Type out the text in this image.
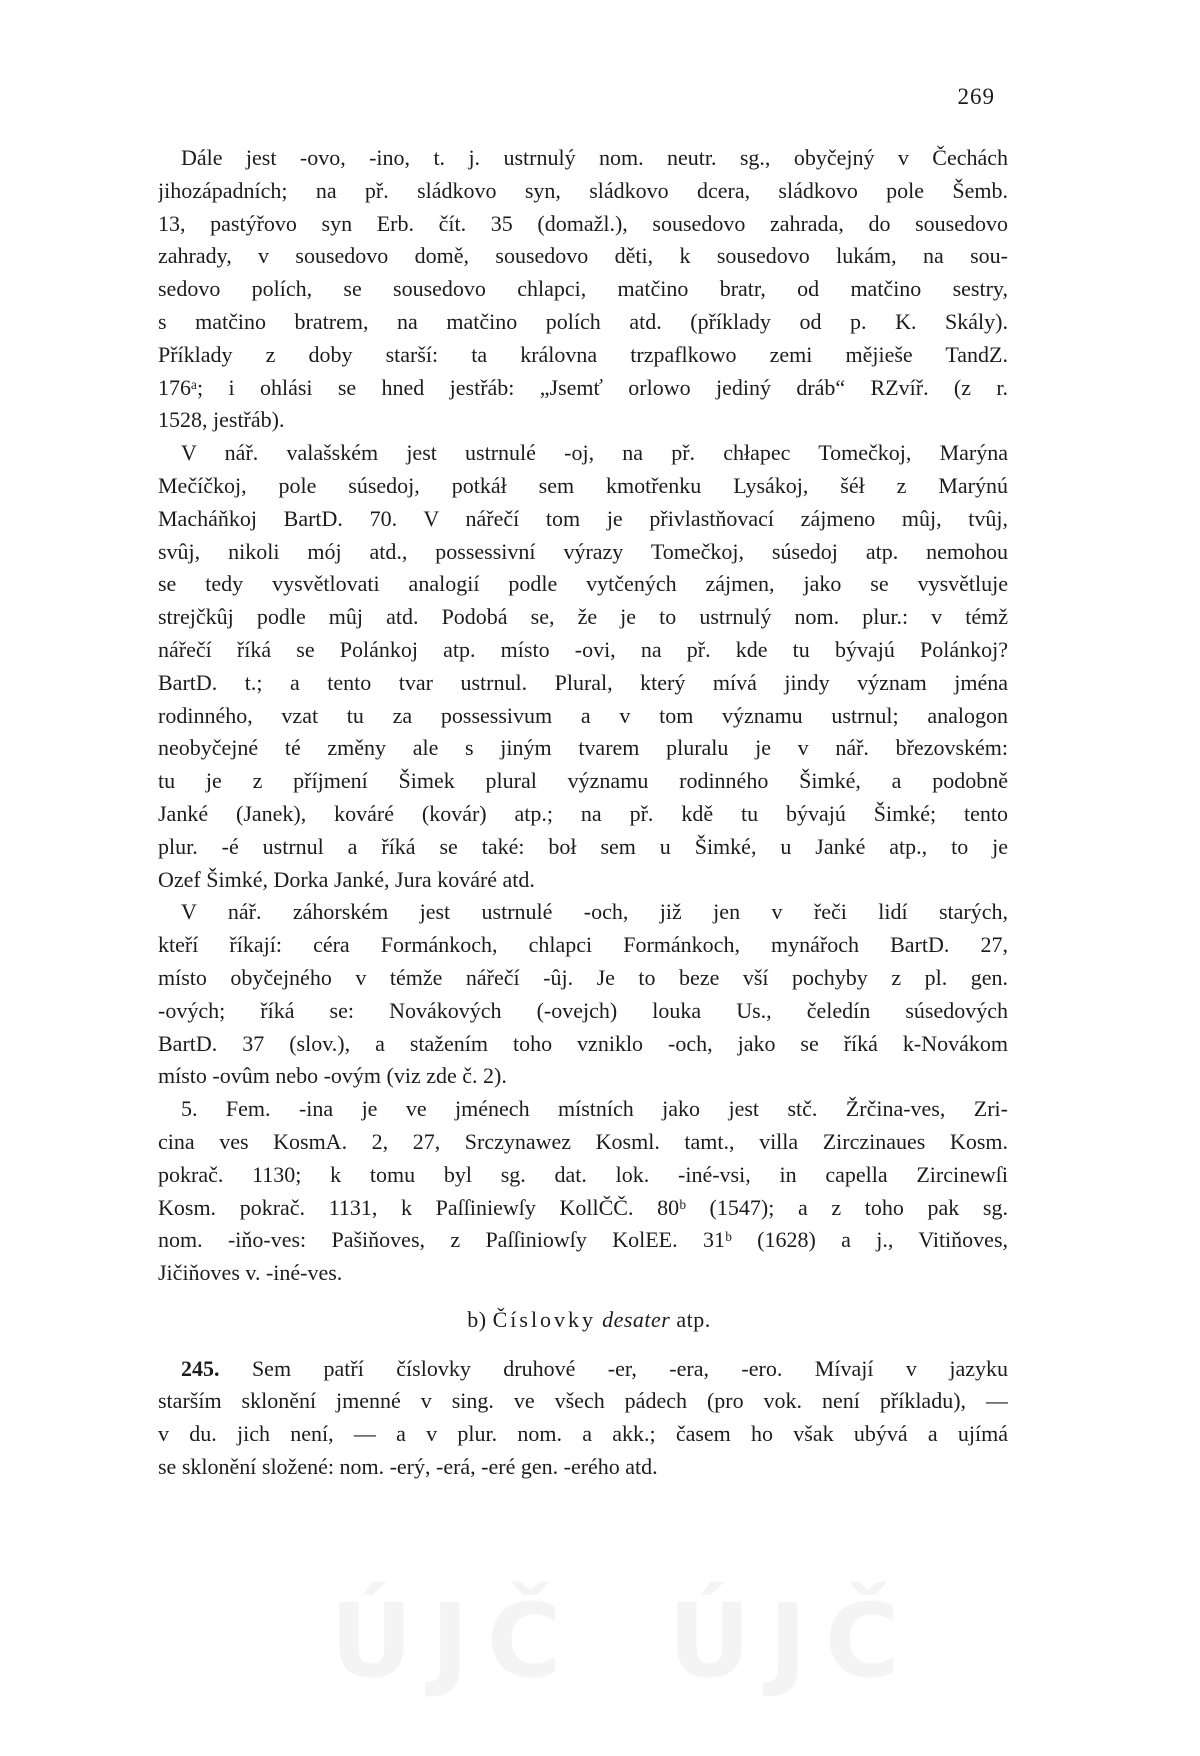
269
Dále jest -ovo, -ino, t. j. ustrnulý nom. neutr. sg., obyčejný v Čechách
jihozápadních; na př. sládkovo syn, sládkovo dcera, sládkovo pole Šemb.
13, pastýřovo syn Erb. čít. 35 (domažl.), sousedovo zahrada, do sousedovo
zahrady, v sousedovo domě, sousedovo děti, k sousedovo lukám, na sou-
sedovo polích, se sousedovo chlapci, matčino bratr, od matčino sestry,
s matčino bratrem, na matčino polích atd. (příklady od p. K. Skály).
Příklady z doby starší: ta královna trzpaflkowo zemi mějieše TandZ.
176ᵃ; i ohlási se hned jestřáb: „Jsemť orlowo jediný dráb“ RZvíř. (z r.
1528, jestřáb).
V nář. valašském jest ustrnulé -oj, na př. chłapec Tomečkoj, Marýna
Mečíčkoj, pole súsedoj, potkáł sem kmotřenku Lysákoj, šéł z Marýnú
Macháňkoj BartD. 70. V nářečí tom je přivlastňovací zájmeno mûj, tvûj,
svûj, nikoli mój atd., possessivní výrazy Tomečkoj, súsedoj atp. nemohou
se tedy vysvětlovati analogií podle vytčených zájmen, jako se vysvětluje
strejčkûj podle mûj atd. Podobá se, že je to ustrnulý nom. plur.: v témž
nářečí říká se Polánkoj atp. místo -ovi, na př. kde tu bývajú Polánkoj?
BartD. t.; a tento tvar ustrnul. Plural, který mívá jindy význam jména
rodinného, vzat tu za possessivum a v tom významu ustrnul; analogon
neobyčejné té změny ale s jiným tvarem pluralu je v nář. březovském:
tu je z příjmení Šimek plural významu rodinného Šimké, a podobně
Janké (Janek), kováré (kovár) atp.; na př. kdě tu bývajú Šimké; tento
plur. -é ustrnul a říká se také: boł sem u Šimké, u Janké atp., to je
Ozef Šimké, Dorka Janké, Jura kováré atd.
V nář. záhorském jest ustrnulé -och, již jen v řeči lidí starých,
kteří říkají: céra Formánkoch, chlapci Formánkoch, mynářoch BartD. 27,
místo obyčejného v témže nářečí -ûj. Je to beze vší pochyby z pl. gen.
-ových; říká se: Novákových (-ovejch) louka Us., čeledín súsedových
BartD. 37 (slov.), a stažením toho vzniklo -och, jako se říká k-Novákom
místo -ovûm nebo -ovým (viz zde č. 2).
5. Fem. -ina je ve jménech místních jako jest stč. Žrčina-ves, Zri-
cina ves KosmA. 2, 27, Srczynawez Kosml. tamt., villa Zirczinaues Kosm.
pokrač. 1130; k tomu byl sg. dat. lok. -iné-vsi, in capella Zircinewſi
Kosm. pokrač. 1131, k Paſſiniewſy KollČČ. 80ᵇ (1547); a z toho pak sg.
nom. -iňo-ves: Pašiňoves, z Paſſiniowſy KolEE. 31ᵇ (1628) a j., Vitiňoves,
Jičiňoves v. -iné-ves.
b) Číslovky desater atp.
245. Sem patří číslovky druhové -er, -era, -ero. Mívají v jazyku
starším sklonění jmenné v sing. ve všech pádech (pro vok. není příkladu), —
v du. jich není, — a v plur. nom. a akk.; časem ho však ubývá a ujímá
se sklonění složené: nom. -erý, -erá, -eré gen. -erého atd.
ÚJČ ÚJČ
